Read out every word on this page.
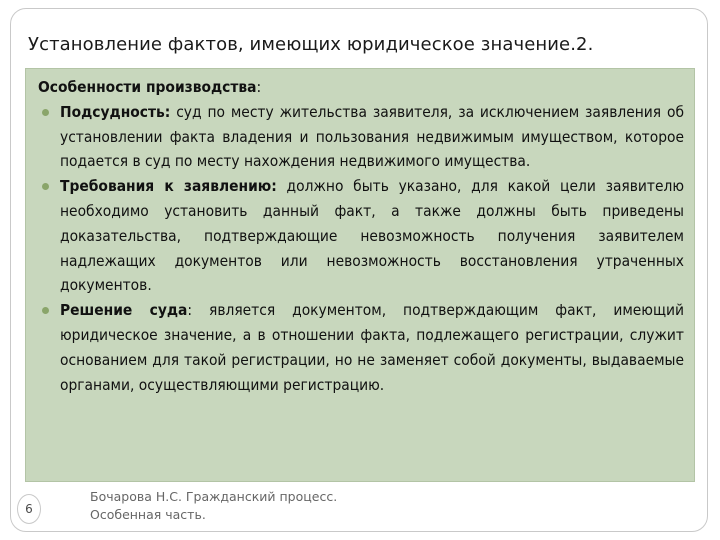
Установление фактов, имеющих юридическое значение.2.

Особенности производства:

Подсудность: суд по месту жительства заявителя, за исключением заявления об установлении факта владения и пользования недвижимым имуществом, которое подается в суд по месту нахождения недвижимого имущества.
Требования к заявлению: должно быть указано, для какой цели заявителю необходимо установить данный факт, а также должны быть приведены доказательства, подтверждающие невозможность получения заявителем надлежащих документов или невозможность восстановления утраченных документов.
Решение суда: является документом, подтверждающим факт, имеющий юридическое значение, а в отношении факта, подлежащего регистрации, служит основанием для такой регистрации, но не заменяет собой документы, выдаваемые органами, осуществляющими регистрацию.
6
Бочарова Н.С. Гражданский процесс.
Особенная часть.
